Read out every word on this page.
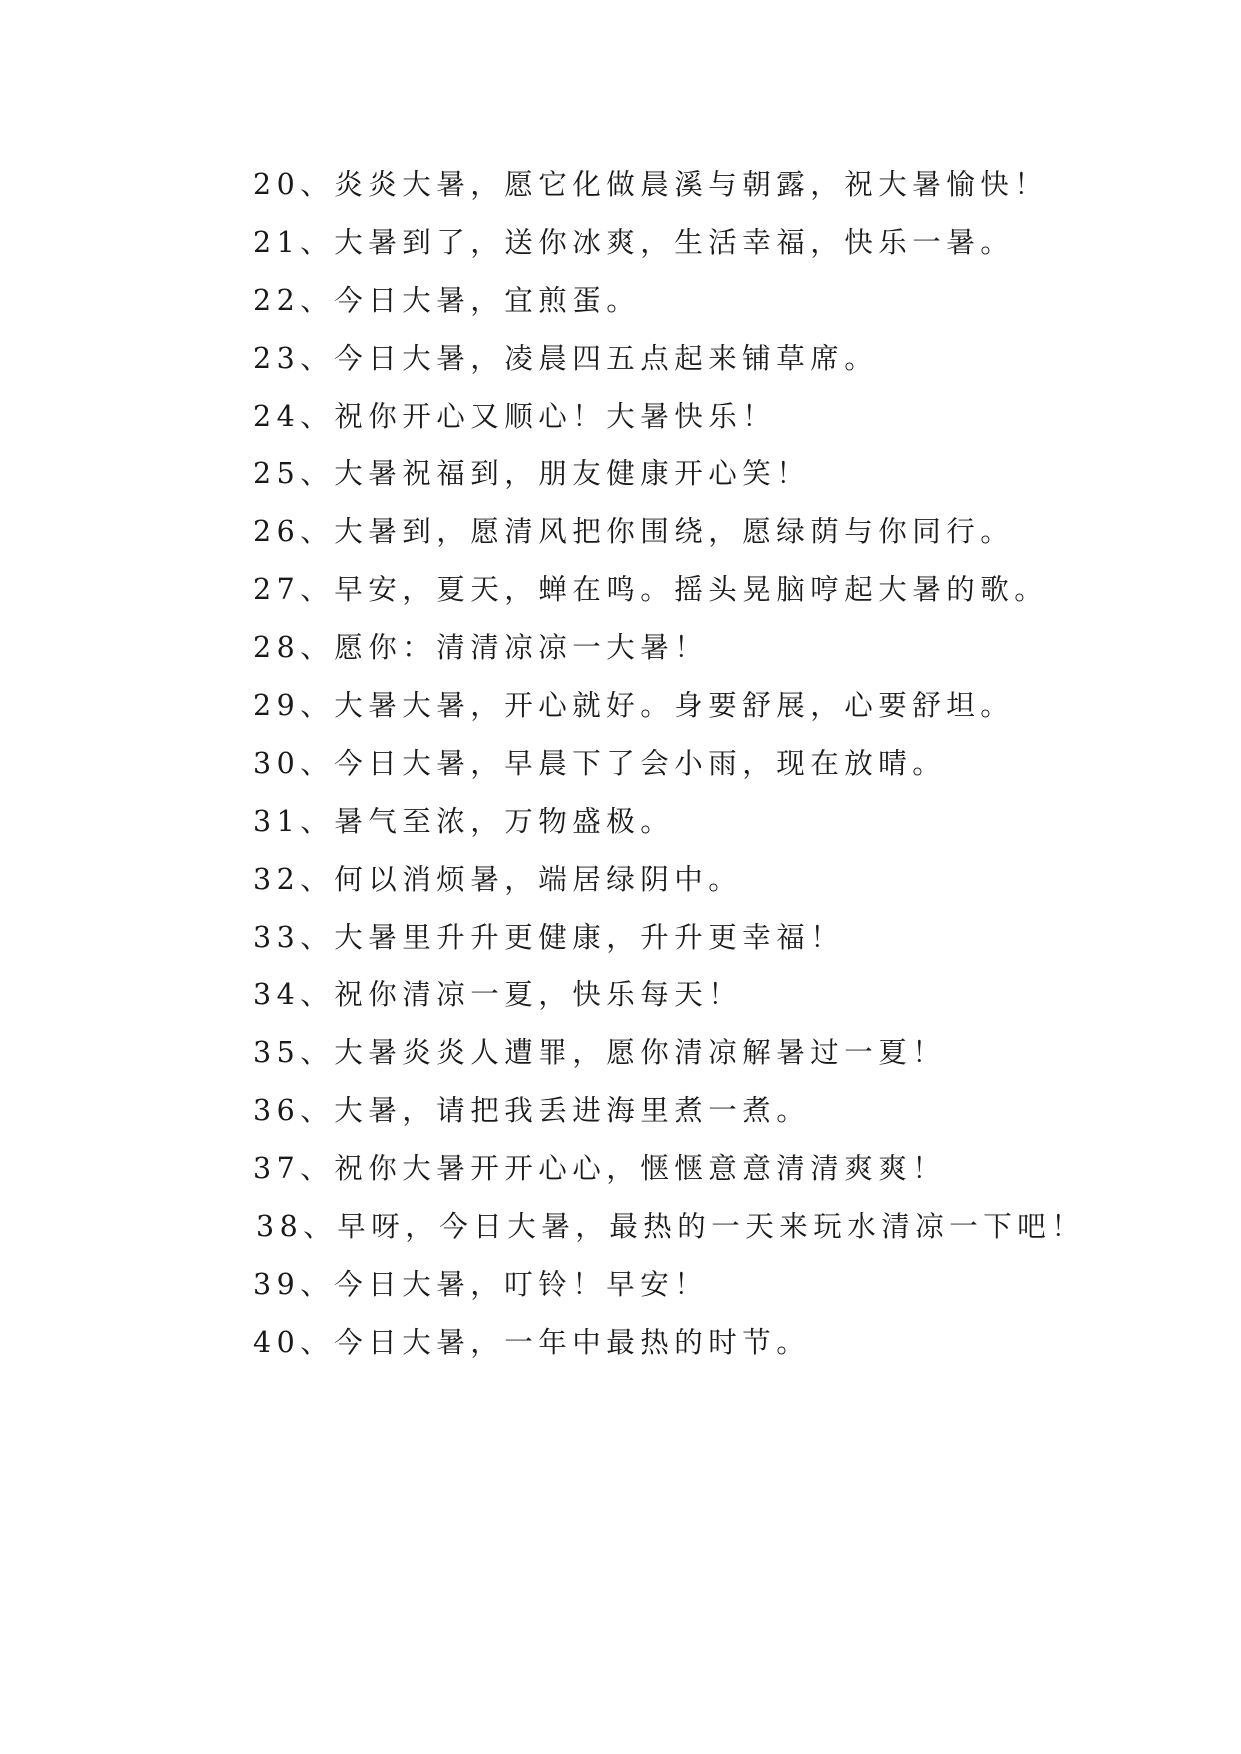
20、炎炎大暑，愿它化做晨溪与朝露，祝大暑愉快！
21、大暑到了，送你冰爽，生活幸福，快乐一暑。
22、今日大暑，宜煎蛋。
23、今日大暑，凌晨四五点起来铺草席。
24、祝你开心又顺心！大暑快乐！
25、大暑祝福到，朋友健康开心笑！
26、大暑到，愿清风把你围绕，愿绿荫与你同行。
27、早安，夏天，蝉在鸣。摇头晃脑哼起大暑的歌。
28、愿你：清清凉凉一大暑！
29、大暑大暑，开心就好。身要舒展，心要舒坦。
30、今日大暑，早晨下了会小雨，现在放晴。
31、暑气至浓，万物盛极。
32、何以消烦暑，端居绿阴中。
33、大暑里升升更健康，升升更幸福！
34、祝你清凉一夏，快乐每天！
35、大暑炎炎人遭罪，愿你清凉解暑过一夏！
36、大暑，请把我丢进海里煮一煮。
37、祝你大暑开开心心，惬惬意意清清爽爽！
38、早呀，今日大暑，最热的一天来玩水清凉一下吧！
39、今日大暑，叮铃！早安！
40、今日大暑，一年中最热的时节。
